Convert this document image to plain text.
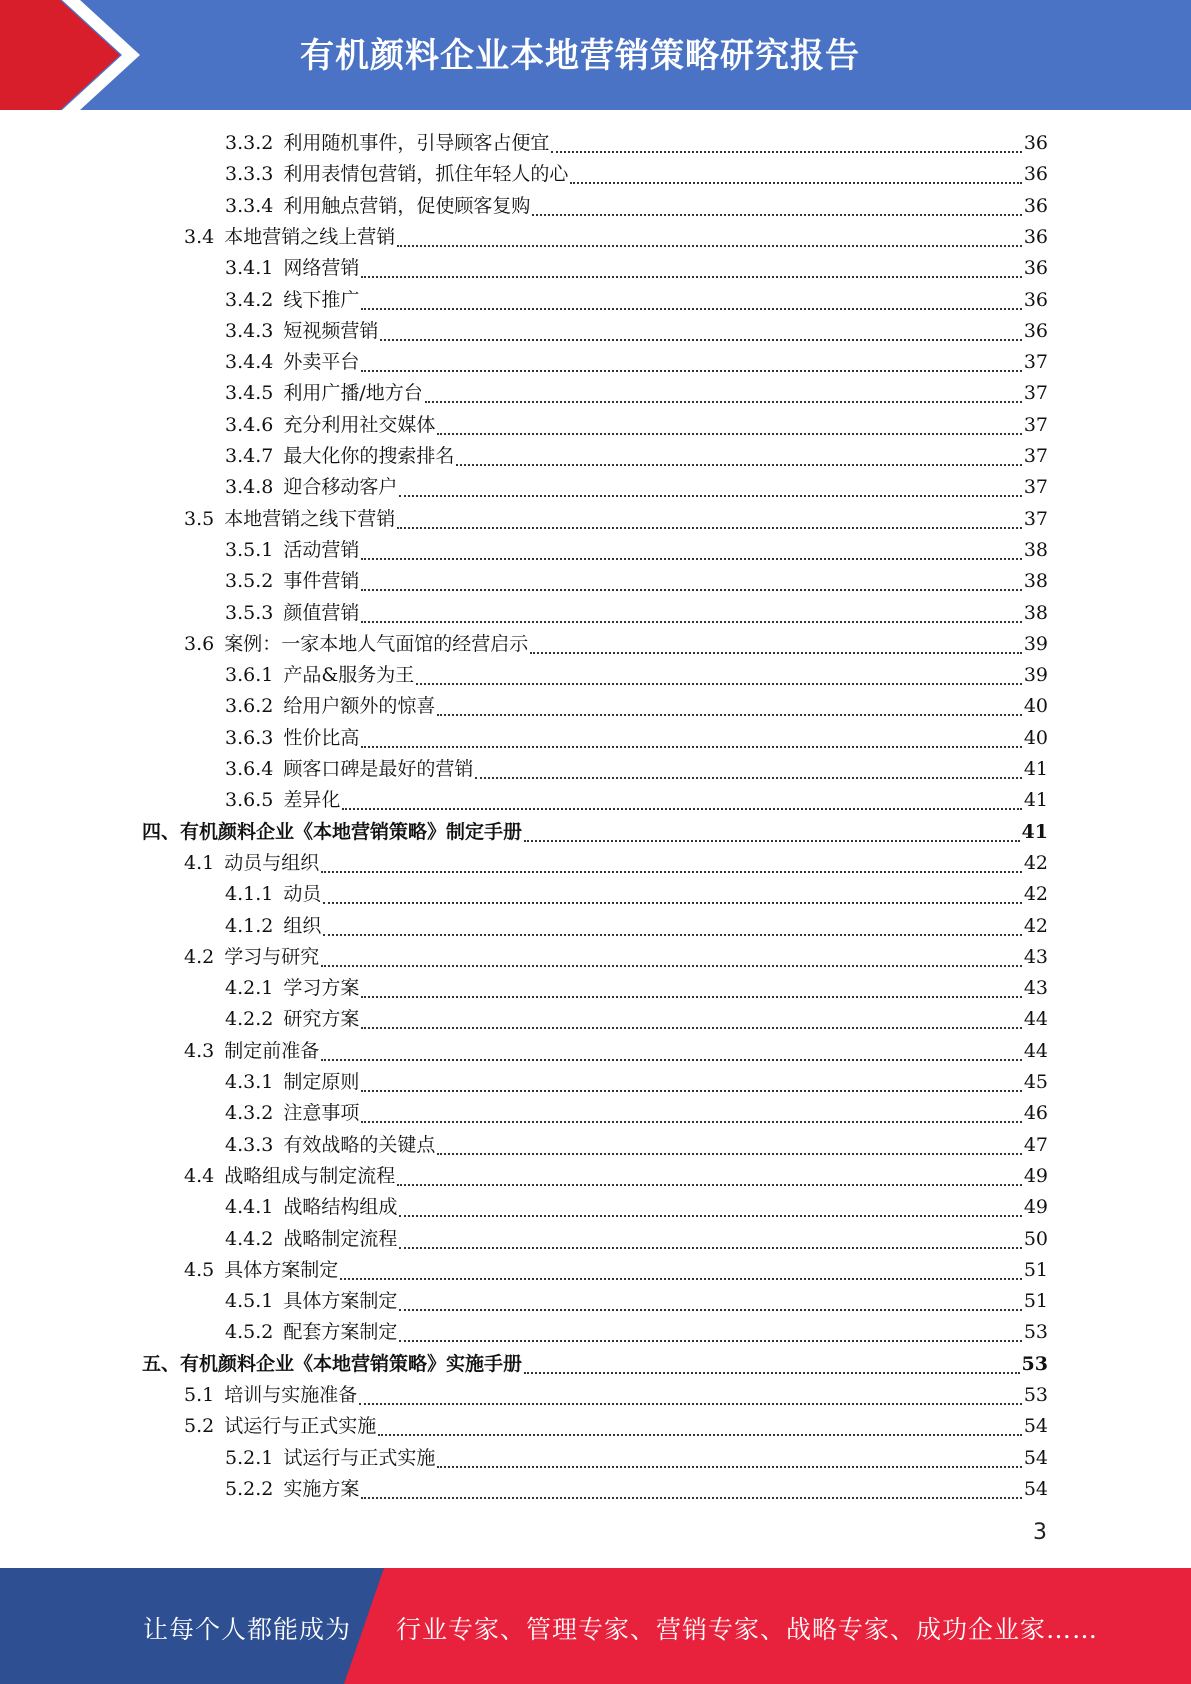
有机颜料企业本地营销策略研究报告
3.3.2 利用随机事件，引导顾客占便宜	36
3.3.3 利用表情包营销，抓住年轻人的心	36
3.3.4 利用触点营销，促使顾客复购	36
3.4 本地营销之线上营销	36
3.4.1 网络营销	36
3.4.2 线下推广	36
3.4.3 短视频营销	36
3.4.4 外卖平台	37
3.4.5 利用广播/地方台	37
3.4.6 充分利用社交媒体	37
3.4.7 最大化你的搜索排名	37
3.4.8 迎合移动客户	37
3.5 本地营销之线下营销	37
3.5.1 活动营销	38
3.5.2 事件营销	38
3.5.3 颜值营销	38
3.6 案例：一家本地人气面馆的经营启示	39
3.6.1 产品&服务为王	39
3.6.2 给用户额外的惊喜	40
3.6.3 性价比高	40
3.6.4 顾客口碑是最好的营销	41
3.6.5 差异化	41
四、 有机颜料企业《本地营销策略》制定手册	41
4.1 动员与组织	42
4.1.1 动员	42
4.1.2 组织	42
4.2 学习与研究	43
4.2.1 学习方案	43
4.2.2 研究方案	44
4.3 制定前准备	44
4.3.1 制定原则	45
4.3.2 注意事项	46
4.3.3 有效战略的关键点	47
4.4 战略组成与制定流程	49
4.4.1 战略结构组成	49
4.4.2 战略制定流程	50
4.5 具体方案制定	51
4.5.1 具体方案制定	51
4.5.2 配套方案制定	53
五、 有机颜料企业《本地营销策略》实施手册	53
5.1 培训与实施准备	53
5.2 试运行与正式实施	54
5.2.1 试运行与正式实施	54
5.2.2 实施方案	54
3
让每个人都能成为 行业专家、管理专家、营销专家、战略专家、成功企业家……
